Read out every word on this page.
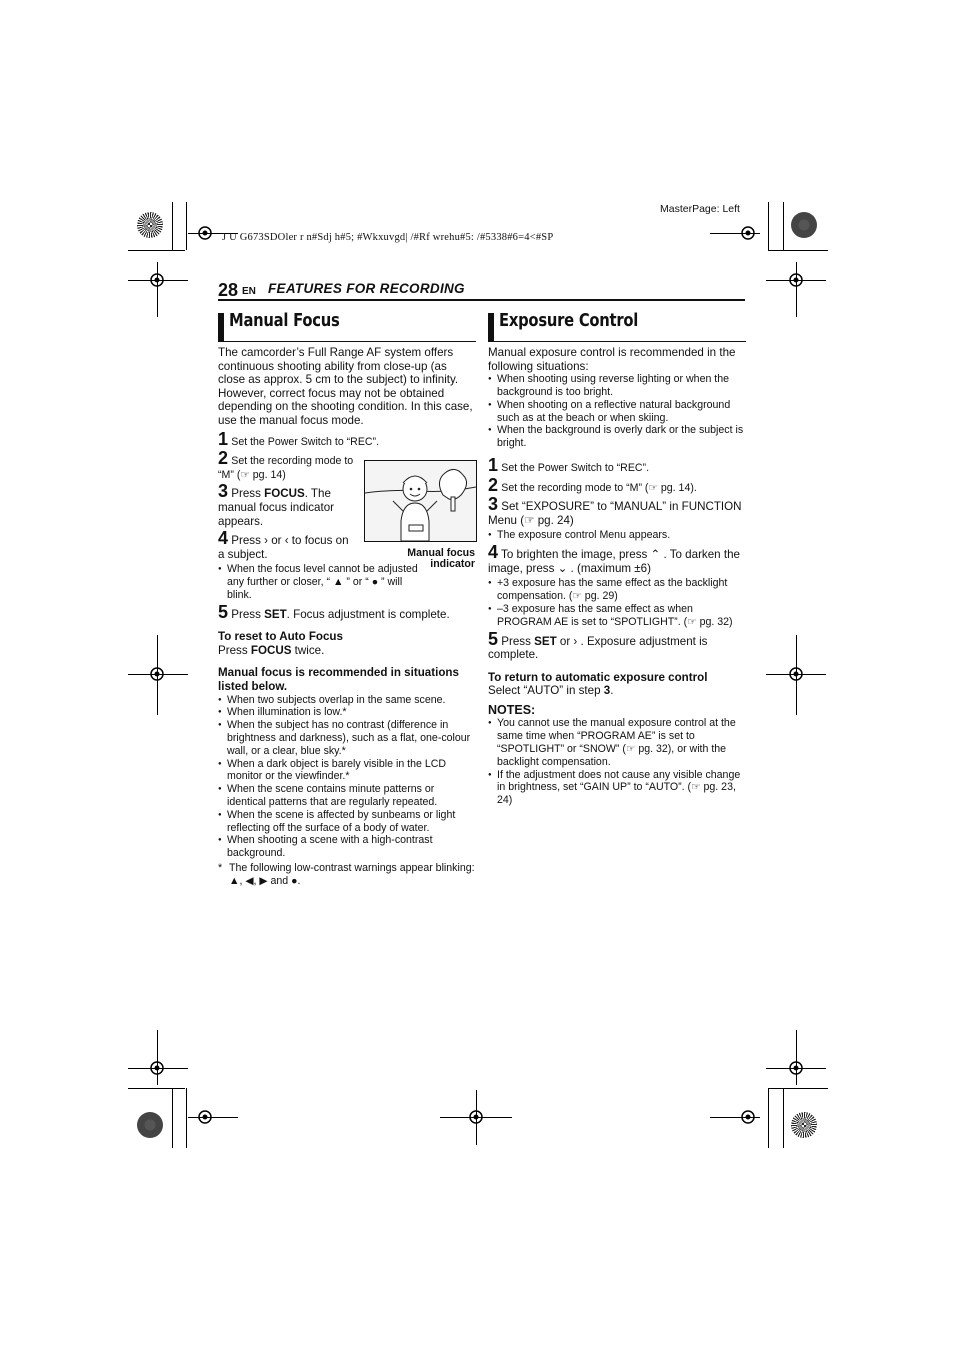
MasterPage: Left
J U G673SDOler r n#Sdj h#5; #Wkxuvgd| /#Rf wrehu#5: /#5338#6=4<#SP
28 EN FEATURES FOR RECORDING
Manual Focus

The camcorder’s Full Range AF system offers continuous shooting ability from close-up (as close as approx. 5 cm to the subject) to infinity. However, correct focus may not be obtained depending on the shooting condition. In this case, use the manual focus mode.

1 Set the Power Switch to “REC”.
2 Set the recording mode to “M” (☞ pg. 14)
3 Press FOCUS. The manual focus indicator appears.
4 Press › or ‹ to focus on a subject.
● When the focus level cannot be adjusted any further or closer, “ ▲ ” or “ ● ” will blink.
5 Press SET. Focus adjustment is complete.

To reset to Auto Focus

Press FOCUS twice.

Manual focus is recommended in situations listed below.

● When two subjects overlap in the same scene.
● When illumination is low.*
● When the subject has no contrast (difference in brightness and darkness), such as a flat, one-colour wall, or a clear, blue sky.*
● When a dark object is barely visible in the LCD monitor or the viewfinder.*
● When the scene contains minute patterns or identical patterns that are regularly repeated.
● When the scene is affected by sunbeams or light reflecting off the surface of a body of water.
● When shooting a scene with a high-contrast background.
* The following low-contrast warnings appear blinking: ▲, ◀, ▶ and ●.
Manual focus indicator
Exposure Control

Manual exposure control is recommended in the following situations:

● When shooting using reverse lighting or when the background is too bright.
● When shooting on a reflective natural background such as at the beach or when skiing.
● When the background is overly dark or the subject is bright.
1 Set the Power Switch to “REC”.
2 Set the recording mode to “M” (☞ pg. 14).
3 Set “EXPOSURE” to “MANUAL” in FUNCTION Menu (☞ pg. 24)
● The exposure control Menu appears.
4 To brighten the image, press ⌃ . To darken the image, press ⌄ . (maximum ±6)
● +3 exposure has the same effect as the backlight compensation. (☞ pg. 29)
● –3 exposure has the same effect as when PROGRAM AE is set to “SPOTLIGHT”. (☞ pg. 32)
5 Press SET or › . Exposure adjustment is complete.

To return to automatic exposure control

Select “AUTO” in step 3.

NOTES:

● You cannot use the manual exposure control at the same time when “PROGRAM AE” is set to “SPOTLIGHT” or “SNOW” (☞ pg. 32), or with the backlight compensation.
● If the adjustment does not cause any visible change in brightness, set “GAIN UP” to “AUTO”. (☞ pg. 23, 24)
